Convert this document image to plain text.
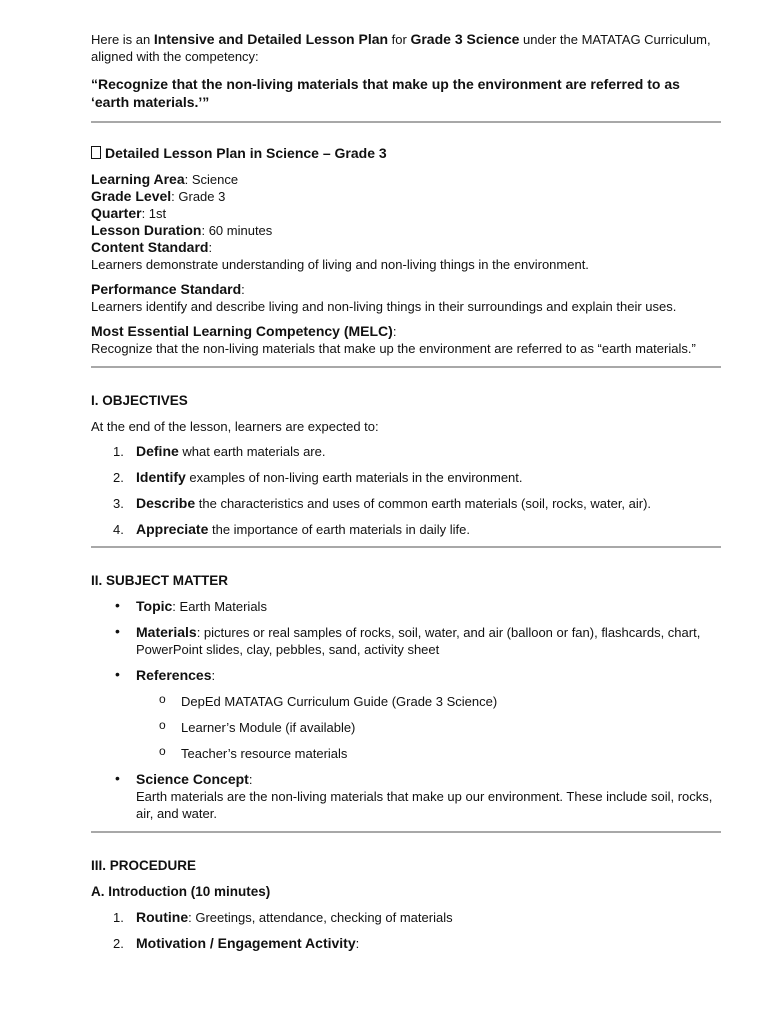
Here is an Intensive and Detailed Lesson Plan for Grade 3 Science under the MATATAG Curriculum, aligned with the competency:

“Recognize that the non-living materials that make up the environment are referred to as ‘earth materials.’”

Detailed Lesson Plan in Science – Grade 3

Learning Area: Science

Grade Level: Grade 3

Quarter: 1st

Lesson Duration: 60 minutes

Content Standard:

Learners demonstrate understanding of living and non-living things in the environment.

Performance Standard:

Learners identify and describe living and non-living things in their surroundings and explain their uses.

Most Essential Learning Competency (MELC):

Recognize that the non-living materials that make up the environment are referred to as “earth materials.”

I. OBJECTIVES

At the end of the lesson, learners are expected to:

1. Define what earth materials are.
2. Identify examples of non-living earth materials in the environment.
3. Describe the characteristics and uses of common earth materials (soil, rocks, water, air).
4. Appreciate the importance of earth materials in daily life.

II. SUBJECT MATTER

• Topic: Earth Materials
• Materials: pictures or real samples of rocks, soil, water, and air (balloon or fan), flashcards, chart, PowerPoint slides, clay, pebbles, sand, activity sheet
• References:
o DepEd MATATAG Curriculum Guide (Grade 3 Science)
o Learner’s Module (if available)
o Teacher’s resource materials
• Science Concept:
Earth materials are the non-living materials that make up our environment. These include soil, rocks, air, and water.

III. PROCEDURE

A. Introduction (10 minutes)

1. Routine: Greetings, attendance, checking of materials
2. Motivation / Engagement Activity:
